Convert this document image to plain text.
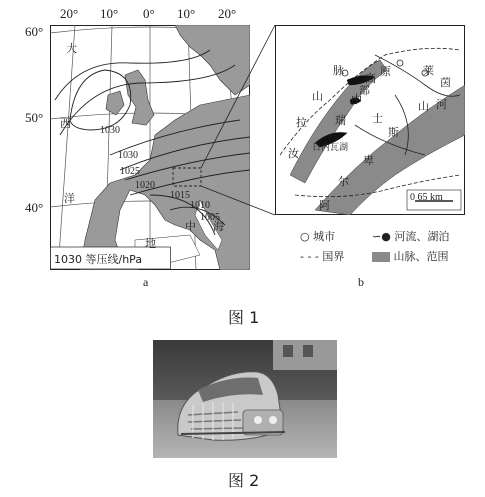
20° 10° 0° 10° 20°
60°
50°
40°
大
西
洋
地
中 海
1030
1025
1020
1015
1010
1005
1030
1030 等压线/hPa
汝
拉
山
脉
瑞 士
中
部
高
原
阿
尔
卑
斯
山
莱
茵
河
日内瓦湖
0 65 km
○ 城市	∽● 河流、湖泊
- - - 国界	山脉、范围
a	b
图 1
图 2
